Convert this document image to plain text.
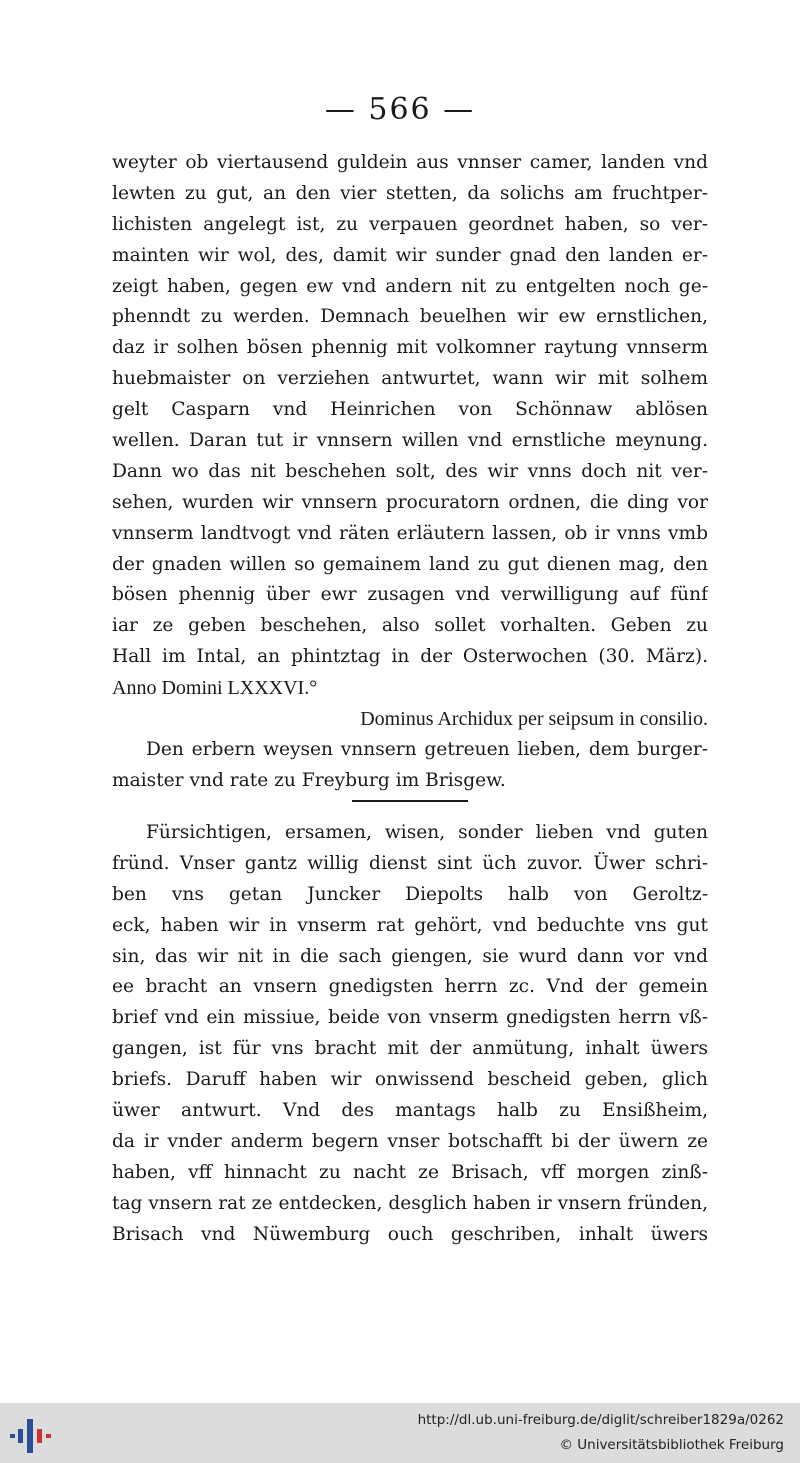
— 566 —
weyter ob viertausend guldein aus vnnser camer, landen vnd
lewten zu gut, an den vier stetten, da solichs am fruchtper-
lichisten angelegt ist, zu verpauen geordnet haben, so ver-
mainten wir wol, des, damit wir sunder gnad den landen er-
zeigt haben, gegen ew vnd andern nit zu entgelten noch ge-
phenndt zu werden. Demnach beuelhen wir ew ernstlichen,
daz ir solhen bösen phennig mit volkomner raytung vnnserm
huebmaister on verziehen antwurtet, wann wir mit solhem
gelt Casparn vnd Heinrichen von Schönnaw ablösen
wellen. Daran tut ir vnnsern willen vnd ernstliche meynung.
Dann wo das nit beschehen solt, des wir vnns doch nit ver-
sehen, wurden wir vnnsern procuratorn ordnen, die ding vor
vnnserm landtvogt vnd räten erläutern lassen, ob ir vnns vmb
der gnaden willen so gemainem land zu gut dienen mag, den
bösen phennig über ewr zusagen vnd verwilligung auf fünf
iar ze geben beschehen, also sollet vorhalten. Geben zu
Hall im Intal, an phintztag in der Osterwochen (30. März).
Anno Domini LXXXVI.°
Dominus Archidux per seipsum in consilio.
Den erbern weysen vnnsern getreuen lieben, dem burger-
maister vnd rate zu Freyburg im Brisgew.
Fürsichtigen, ersamen, wisen, sonder lieben vnd guten
fründ. Vnser gantz willig dienst sint üch zuvor. Üwer schri-
ben vns getan Juncker Diepolts halb von Geroltz-
eck, haben wir in vnserm rat gehört, vnd beduchte vns gut
sin, das wir nit in die sach giengen, sie wurd dann vor vnd
ee bracht an vnsern gnedigsten herrn zc. Vnd der gemein
brief vnd ein missiue, beide von vnserm gnedigsten herrn vß-
gangen, ist für vns bracht mit der anmütung, inhalt üwers
briefs. Daruff haben wir onwissend bescheid geben, glich
üwer antwurt. Vnd des mantags halb zu Ensißheim,
da ir vnder anderm begern vnser botschafft bi der üwern ze
haben, vff hinnacht zu nacht ze Brisach, vff morgen zinß-
tag vnsern rat ze entdecken, desglich haben ir vnsern fründen,
Brisach vnd Nüwemburg ouch geschriben, inhalt üwers
http://dl.ub.uni-freiburg.de/diglit/schreiber1829a/0262
© Universitätsbibliothek Freiburg
